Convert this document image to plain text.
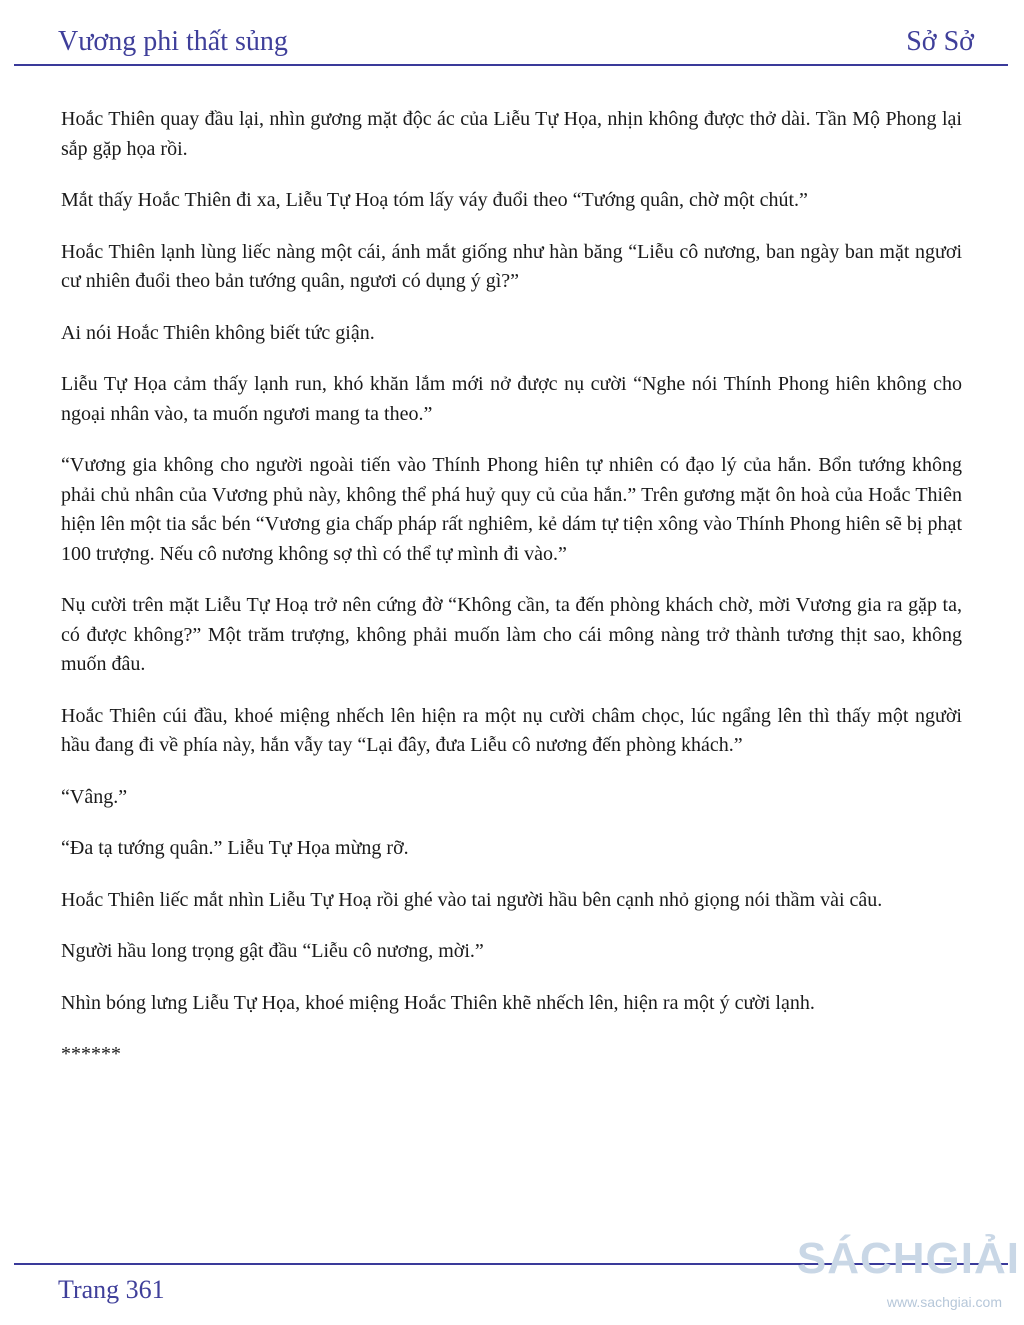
Vương phi thất sủng	Sở Sở

Hoắc Thiên quay đầu lại, nhìn gương mặt độc ác của Liễu Tự Họa, nhịn không được thở dài. Tần Mộ Phong lại sắp gặp họa rồi.

Mắt thấy Hoắc Thiên đi xa, Liễu Tự Hoạ tóm lấy váy đuổi theo “Tướng quân, chờ một chút.”

Hoắc Thiên lạnh lùng liếc nàng một cái, ánh mắt giống như hàn băng “Liễu cô nương, ban ngày ban mặt ngươi cư nhiên đuổi theo bản tướng quân, ngươi có dụng ý gì?”

Ai nói Hoắc Thiên không biết tức giận.

Liễu Tự Họa cảm thấy lạnh run, khó khăn lắm mới nở được nụ cười “Nghe nói Thính Phong hiên không cho ngoại nhân vào, ta muốn ngươi mang ta theo.”

“Vương gia không cho người ngoài tiến vào Thính Phong hiên tự nhiên có đạo lý của hắn. Bổn tướng không phải chủ nhân của Vương phủ này, không thể phá huỷ quy củ của hắn.” Trên gương mặt ôn hoà của Hoắc Thiên hiện lên một tia sắc bén “Vương gia chấp pháp rất nghiêm, kẻ dám tự tiện xông vào Thính Phong hiên sẽ bị phạt 100 trượng. Nếu cô nương không sợ thì có thể tự mình đi vào.”

Nụ cười trên mặt Liễu Tự Hoạ trở nên cứng đờ “Không cần, ta đến phòng khách chờ, mời Vương gia ra gặp ta, có được không?” Một trăm trượng, không phải muốn làm cho cái mông nàng trở thành tương thịt sao, không muốn đâu.

Hoắc Thiên cúi đầu, khoé miệng nhếch lên hiện ra một nụ cười châm chọc, lúc ngẩng lên thì thấy một người hầu đang đi về phía này, hắn vẫy tay “Lại đây, đưa Liễu cô nương đến phòng khách.”

“Vâng.”

“Đa tạ tướng quân.” Liễu Tự Họa mừng rỡ.

Hoắc Thiên liếc mắt nhìn Liễu Tự Hoạ rồi ghé vào tai người hầu bên cạnh nhỏ giọng nói thầm vài câu.

Người hầu long trọng gật đầu “Liễu cô nương, mời.”

Nhìn bóng lưng Liễu Tự Họa, khoé miệng Hoắc Thiên khẽ nhếch lên, hiện ra một ý cười lạnh.

******

Trang 361
SÁCHGIẢI
www.sachgiai.com
